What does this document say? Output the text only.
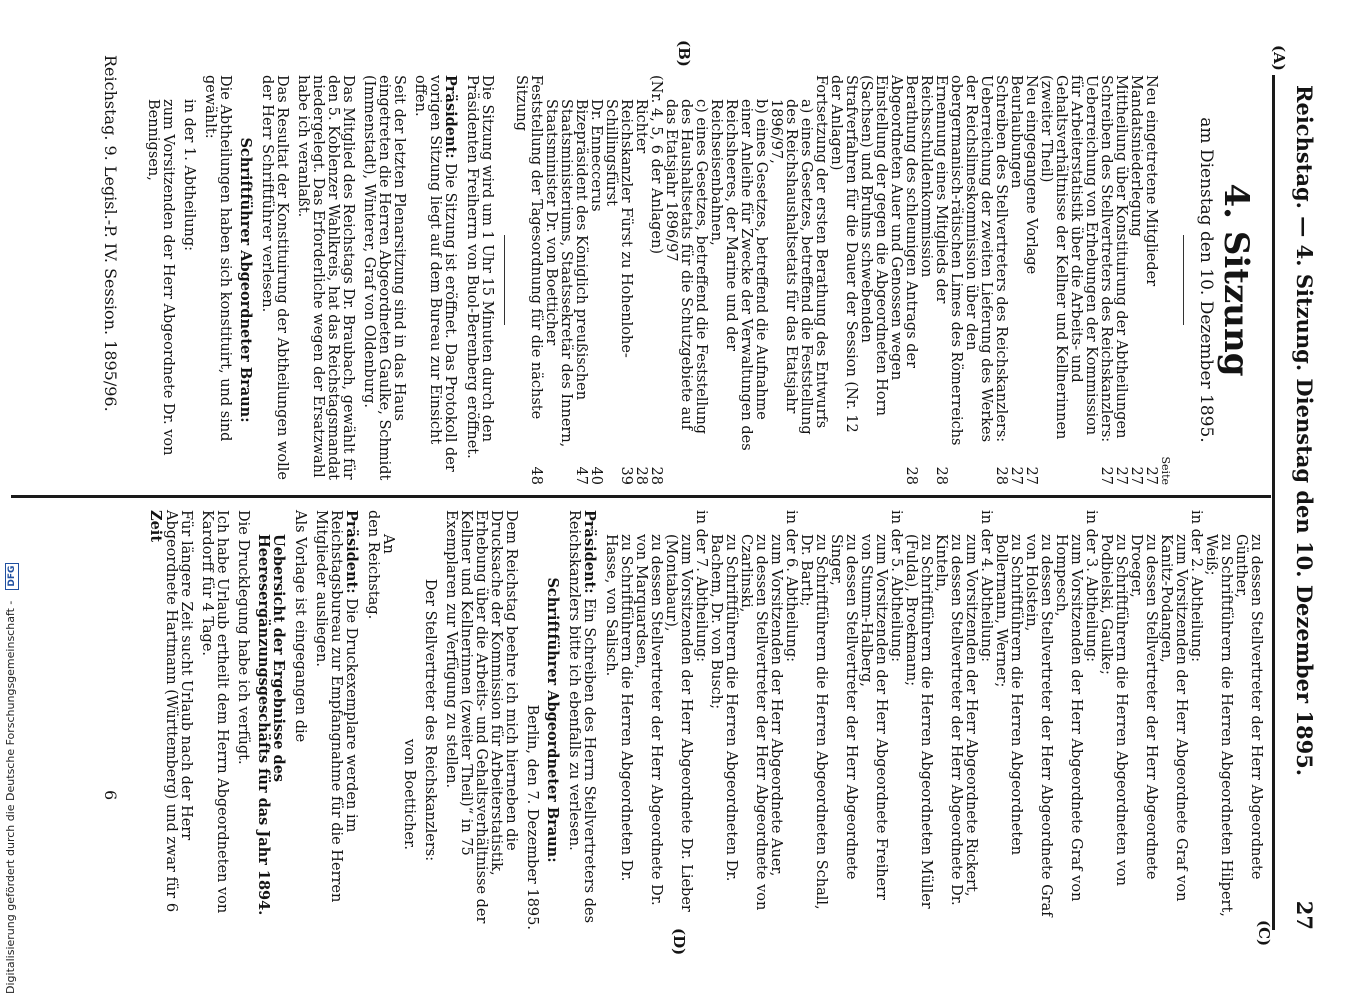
Reichstag. — 4. Sitzung. Dienstag den 10. Dezember 1895.
27
(A)
(B)
(C)
(D)
4. Sitzung
am Dienstag den 10. Dezember 1895.
Seite
Neu eingetretene Mitglieder
27
Mandatsniederlegung
27
Mittheilung über Konstituirung der Abtheilungen
27
Schreiben des Stellvertreters des Reichskanzlers: Ueberreichung von Erhebungen der Kommission für Arbeiterstatistik über die Arbeits- und Gehaltsverhältnisse der Kellner und Kellnerinnen (zweiter Theil)
27
Neu eingegangene Vorlage
27
Beurlaubungen
27
Schreiben des Stellvertreters des Reichskanzlers: Ueberreichung der zweiten Lieferung des Werkes der Reichslimeskommission über den obergermanisch-rätischen Limes des Römerreichs
28
Ernennung eines Mitglieds der Reichsschuldenkommission
28
Berathung des schleunigen Antrags der Abgeordneten Auer und Genossen wegen Einstellung der gegen die Abgeordneten Horn (Sachsen) und Bruhns schwebenden Strafverfahren für die Dauer der Session (Nr. 12 der Anlagen)
28
Fortsetzung der ersten Berathung des Entwurfs
a) eines Gesetzes, betreffend die Feststellung des Reichshaushaltsetats für das Etatsjahr 1896/97,
b) eines Gesetzes, betreffend die Aufnahme einer Anleihe für Zwecke der Verwaltungen des Reichsheeres, der Marine und der Reichseisenbahnen,
c) eines Gesetzes, betreffend die Feststellung des Haushaltsetats für die Schutzgebiete auf das Etatsjahr 1896/97
(Nr. 4, 5, 6 der Anlagen)
28
Richter
28
Reichskanzler Fürst zu Hohenlohe-Schillingsfürst
39
Dr. Enneccerus
40
Bizepräsident des Königlich preußischen Staatsministeriums, Staatssekretär des Innern, Staatsminister Dr. von Boetticher
47
Feststellung der Tagesordnung für die nächste Sitzung
48
Die Sitzung wird um 1 Uhr 15 Minuten durch den Präsidenten Freiherrn von Buol-Berenberg eröffnet.
Präsident: Die Sitzung ist eröffnet. Das Protokoll der vorigen Sitzung liegt auf dem Bureau zur Einsicht offen.
Seit der letzten Plenarsitzung sind in das Haus eingetreten die Herren Abgeordneten Gaulke, Schmidt (Immenstadt), Winterer, Graf von Oldenburg.
Das Mitglied des Reichstags Dr. Braubach, gewählt für den 5. Koblenzer Wahlkreis, hat das Reichstagsmandat niedergelegt. Das Erforderliche wegen der Ersatzwahl habe ich veranlaßt.
Das Resultat der Konstituirung der Abtheilungen wolle der Herr Schriftführer verlesen.
Schriftführer Abgeordneter Braun:
Die Abtheilungen haben sich konstituirt, und sind gewählt:
in der 1. Abtheilung:
zum Vorsitzenden der Herr Abgeordnete Dr. von Bennigsen,
Reichstag. 9. Legisl.-P. IV. Session. 1895/96.
zu dessen Stellvertreter der Herr Abgeordnete Günther,
zu Schriftführern die Herren Abgeordneten Hilpert, Weiß;
in der 2. Abtheilung:
zum Vorsitzenden der Herr Abgeordnete Graf von Kanitz-Podangen,
zu dessen Stellvertreter der Herr Abgeordnete Droeger,
zu Schriftführern die Herren Abgeordneten von Podbielski, Gaulke;
in der 3. Abtheilung:
zum Vorsitzenden der Herr Abgeordnete Graf von Hompesch,
zu dessen Stellvertreter der Herr Abgeordnete Graf von Holstein,
zu Schriftführern die Herren Abgeordneten Bollermann, Werner;
in der 4. Abtheilung:
zum Vorsitzenden der Herr Abgeordnete Rickert,
zu dessen Stellvertreter der Herr Abgeordnete Dr. Kinteln,
zu Schriftführern die Herren Abgeordneten Müller (Fulda), Broekmann;
in der 5. Abtheilung:
zum Vorsitzenden der Herr Abgeordnete Freiherr von Stumm-Halberg,
zu dessen Stellvertreter der Herr Abgeordnete Singer,
zu Schriftführern die Herren Abgeordneten Schall, Dr. Barth;
in der 6. Abtheilung:
zum Vorsitzenden der Herr Abgeordnete Auer,
zu dessen Stellvertreter der Herr Abgeordnete von Czarlinski,
zu Schriftführern die Herren Abgeordneten Dr. Bachem, Dr. von Busch;
in der 7. Abtheilung:
zum Vorsitzenden der Herr Abgeordnete Dr. Lieber (Montabaur),
zu dessen Stellvertreter der Herr Abgeordnete Dr. von Marquardsen,
zu Schriftführern die Herren Abgeordneten Dr. Hasse, von Salisch.
Präsident: Ein Schreiben des Herrn Stellvertreters des Reichskanzlers bitte ich ebenfalls zu verlesen.
Schriftführer Abgeordneter Braun:
Berlin, den 7. Dezember 1895.
Dem Reichstag beehre ich mich hierneben die Drucksache der Kommission für Arbeiterstatistik, Erhebung über die Arbeits- und Gehaltsverhältnisse der Kellner und Kellnerinnen (zweiter Theil)“ in 75 Exemplaren zur Verfügung zu stellen.
Der Stellvertreter des Reichskanzlers:
von Boetticher.
An
den Reichstag.
Präsident: Die Druckexemplare werden im Reichstagsbureau zur Empfangnahme für die Herren Mitglieder ausliegen.
Als Vorlage ist eingegangen die
Uebersicht der Ergebnisse des Heeresergänzungsgeschäfts für das Jahr 1894.
Die Drucklegung habe ich verfügt.
Ich habe Urlaub ertheilt dem Herrn Abgeordneten von Kardorff für 4 Tage.
Für längere Zeit sucht Urlaub nach der Herr Abgeordnete Hartmann (Württemberg) und zwar für 6 Zeit
6
Digitalisierung gefördert durch die Deutsche Forschungsgemeinschaft -  DFG
